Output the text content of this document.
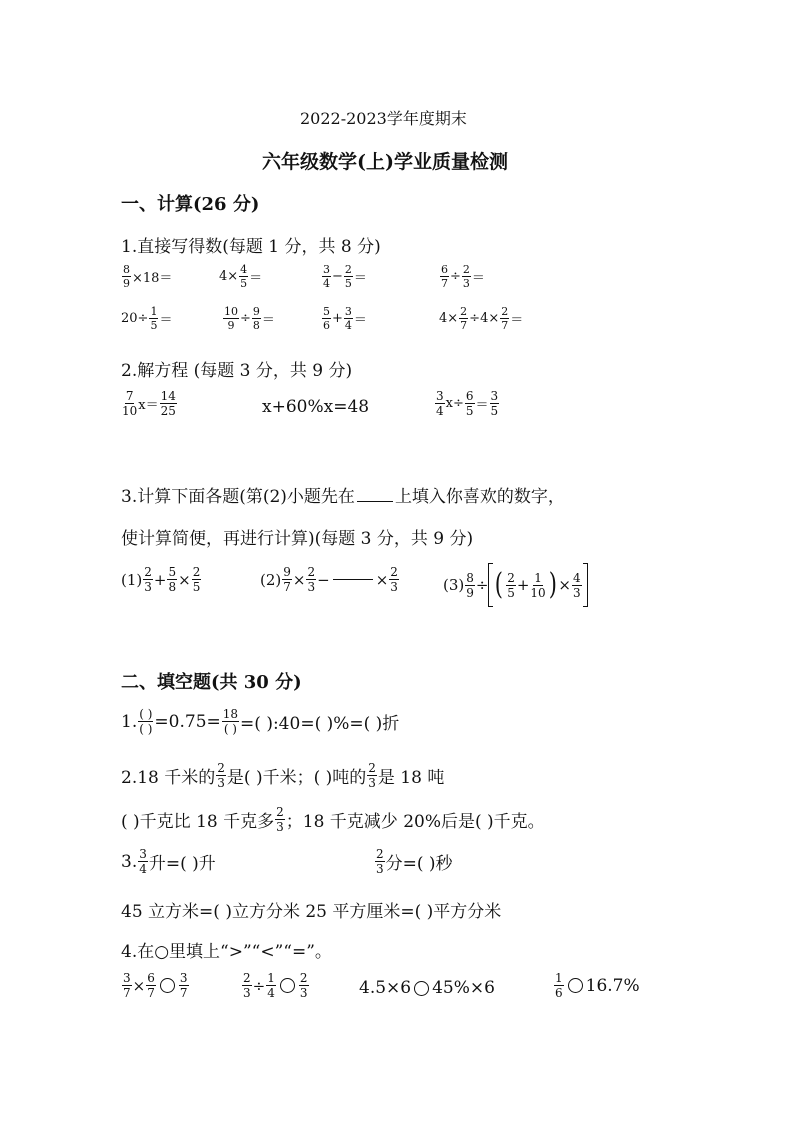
2022-2023学年度期末
六年级数学(上)学业质量检测
一、计算(26 分)
1.直接写得数(每题 1 分，共 8 分)
$\frac{8}{9} \times 18=$	$4\times \frac{4}{5}$ ＝	$\frac{3}{4} - \frac{2}{5}$ ＝	$\frac{6}{7} \div \frac{2}{3}$ ＝
$20\div \frac{1}{5}$ ＝	$\frac{10}{9} \div \frac{9}{8}$ ＝	$\frac{5}{6} + \frac{3}{4}$ ＝	$4\times \frac{2}{7} \div 4\times \frac{2}{7}$ ＝
2.解方程 (每题 3 分，共 9 分)
$\frac{7}{10} x= \frac{14}{25}$	x+60%x=48	$\frac{3}{4} x\div \frac{6}{5} = \frac{3}{5}$
3.计算下面各题(第(2)小题先在 上填入你喜欢的数字，
使计算简便，再进行计算)(每题 3 分，共 9 分)
$(1) \frac{2}{3} + \frac{5}{8} \times \frac{2}{5}$	$(2) \frac{9}{7} \times \frac{2}{3}$ −	× $\frac{2}{3}$	$(3) \frac{8}{9}$ ÷ ( $\frac{2}{5} + \frac{1}{10}$ ) × $\frac{4}{3}$
二、填空题(共 30 分)
1. $\frac{( )}{( )} =0.75= \frac{18}{( )}$ =( ):40=( )%=( )折
2.18 千米的 $\frac{2}{3}$ 是( )千米；( )吨的 $\frac{2}{3}$ 是 18 吨
( )千克比 18 千克多 $\frac{2}{3}$ ；18 千克减少 20%后是( )千克。
3. $\frac{3}{4}$ 升=( )升	$\frac{2}{3}$ 分=( )秒
45 立方米=( )立方分米 25 平方厘米=( )平方分米
4.在○里填上“>”“<”“=”。
$\frac{3}{7} \times \frac{6}{7} \frac{3}{7}$	$\frac{2}{3} \div \frac{1}{4} \frac{2}{3}$	4.5×6 45%×6	$\frac{1}{6} 16.7\%$
